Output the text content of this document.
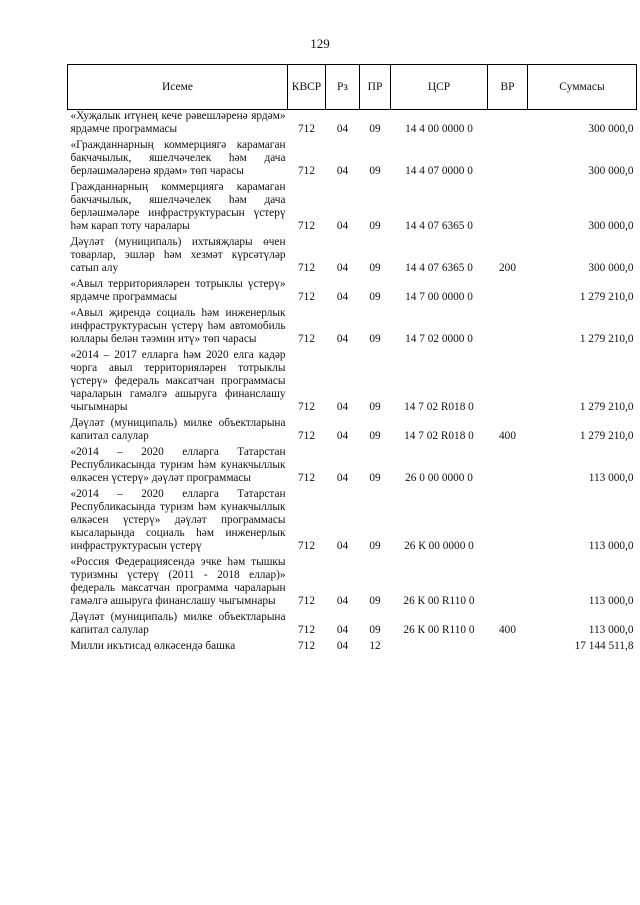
129
Исеме	КВСР	Рз	ПР	ЦСР	ВР	Суммасы
«Хуҗалык итүнең кече рәвешләренә ярдәм» ярдәмче программасы	712	04	09	14 4 00 0000 0		300 000,0
«Гражданнарның коммерциягә карамаган бакчачылык, яшелчәчелек һәм дача берләшмәләренә ярдәм» төп чарасы	712	04	09	14 4 07 0000 0		300 000,0
Гражданнарның коммерциягә карамаган бакчачылык, яшелчәчелек һәм дача берләшмәләре инфраструктурасын үстерү һәм карап тоту чаралары	712	04	09	14 4 07 6365 0		300 000,0
Дәүләт (муниципаль) ихтыяҗлары өчен товарлар, эшләр һәм хезмәт күрсәтүләр сатып алу	712	04	09	14 4 07 6365 0	200	300 000,0
«Авыл территорияләрен тотрыклы үстерү» ярдәмче программасы	712	04	09	14 7 00 0000 0		1 279 210,0
«Авыл җирендә социаль һәм инженерлык инфраструктурасын үстерү һәм автомобиль юллары белән тәэмин итү» төп чарасы	712	04	09	14 7 02 0000 0		1 279 210,0
«2014 – 2017 елларга һәм 2020 елга кадәр чорга авыл территорияләрен тотрыклы үстерү» федераль максатчан программасы чараларын гамәлгә ашыруга финанслашу чыгымнары	712	04	09	14 7 02 R018 0		1 279 210,0
Дәүләт (муниципаль) милке объектларына капитал салулар	712	04	09	14 7 02 R018 0	400	1 279 210,0
«2014 – 2020 елларга Татарстан Республикасында туризм һәм кунакчыллык өлкәсен үстерү» дәүләт программасы	712	04	09	26 0 00 0000 0		113 000,0
«2014 – 2020 елларга Татарстан Республикасында туризм һәм кунакчыллык өлкәсен үстерү» дәүләт программасы кысаларында социаль һәм инженерлык инфраструктурасын үстерү	712	04	09	26 К 00 0000 0		113 000,0
«Россия Федерациясендә эчке һәм тышкы туризмны үстерү (2011 - 2018 еллар)» федераль максатчан программа чараларын гамәлгә ашыруга финанслашу чыгымнары	712	04	09	26 К 00 R110 0		113 000,0
Дәүләт (муниципаль) милке объектларына капитал салулар	712	04	09	26 К 00 R110 0	400	113 000,0
Милли икътисад өлкәсендә башка	712	04	12			17 144 511,8
